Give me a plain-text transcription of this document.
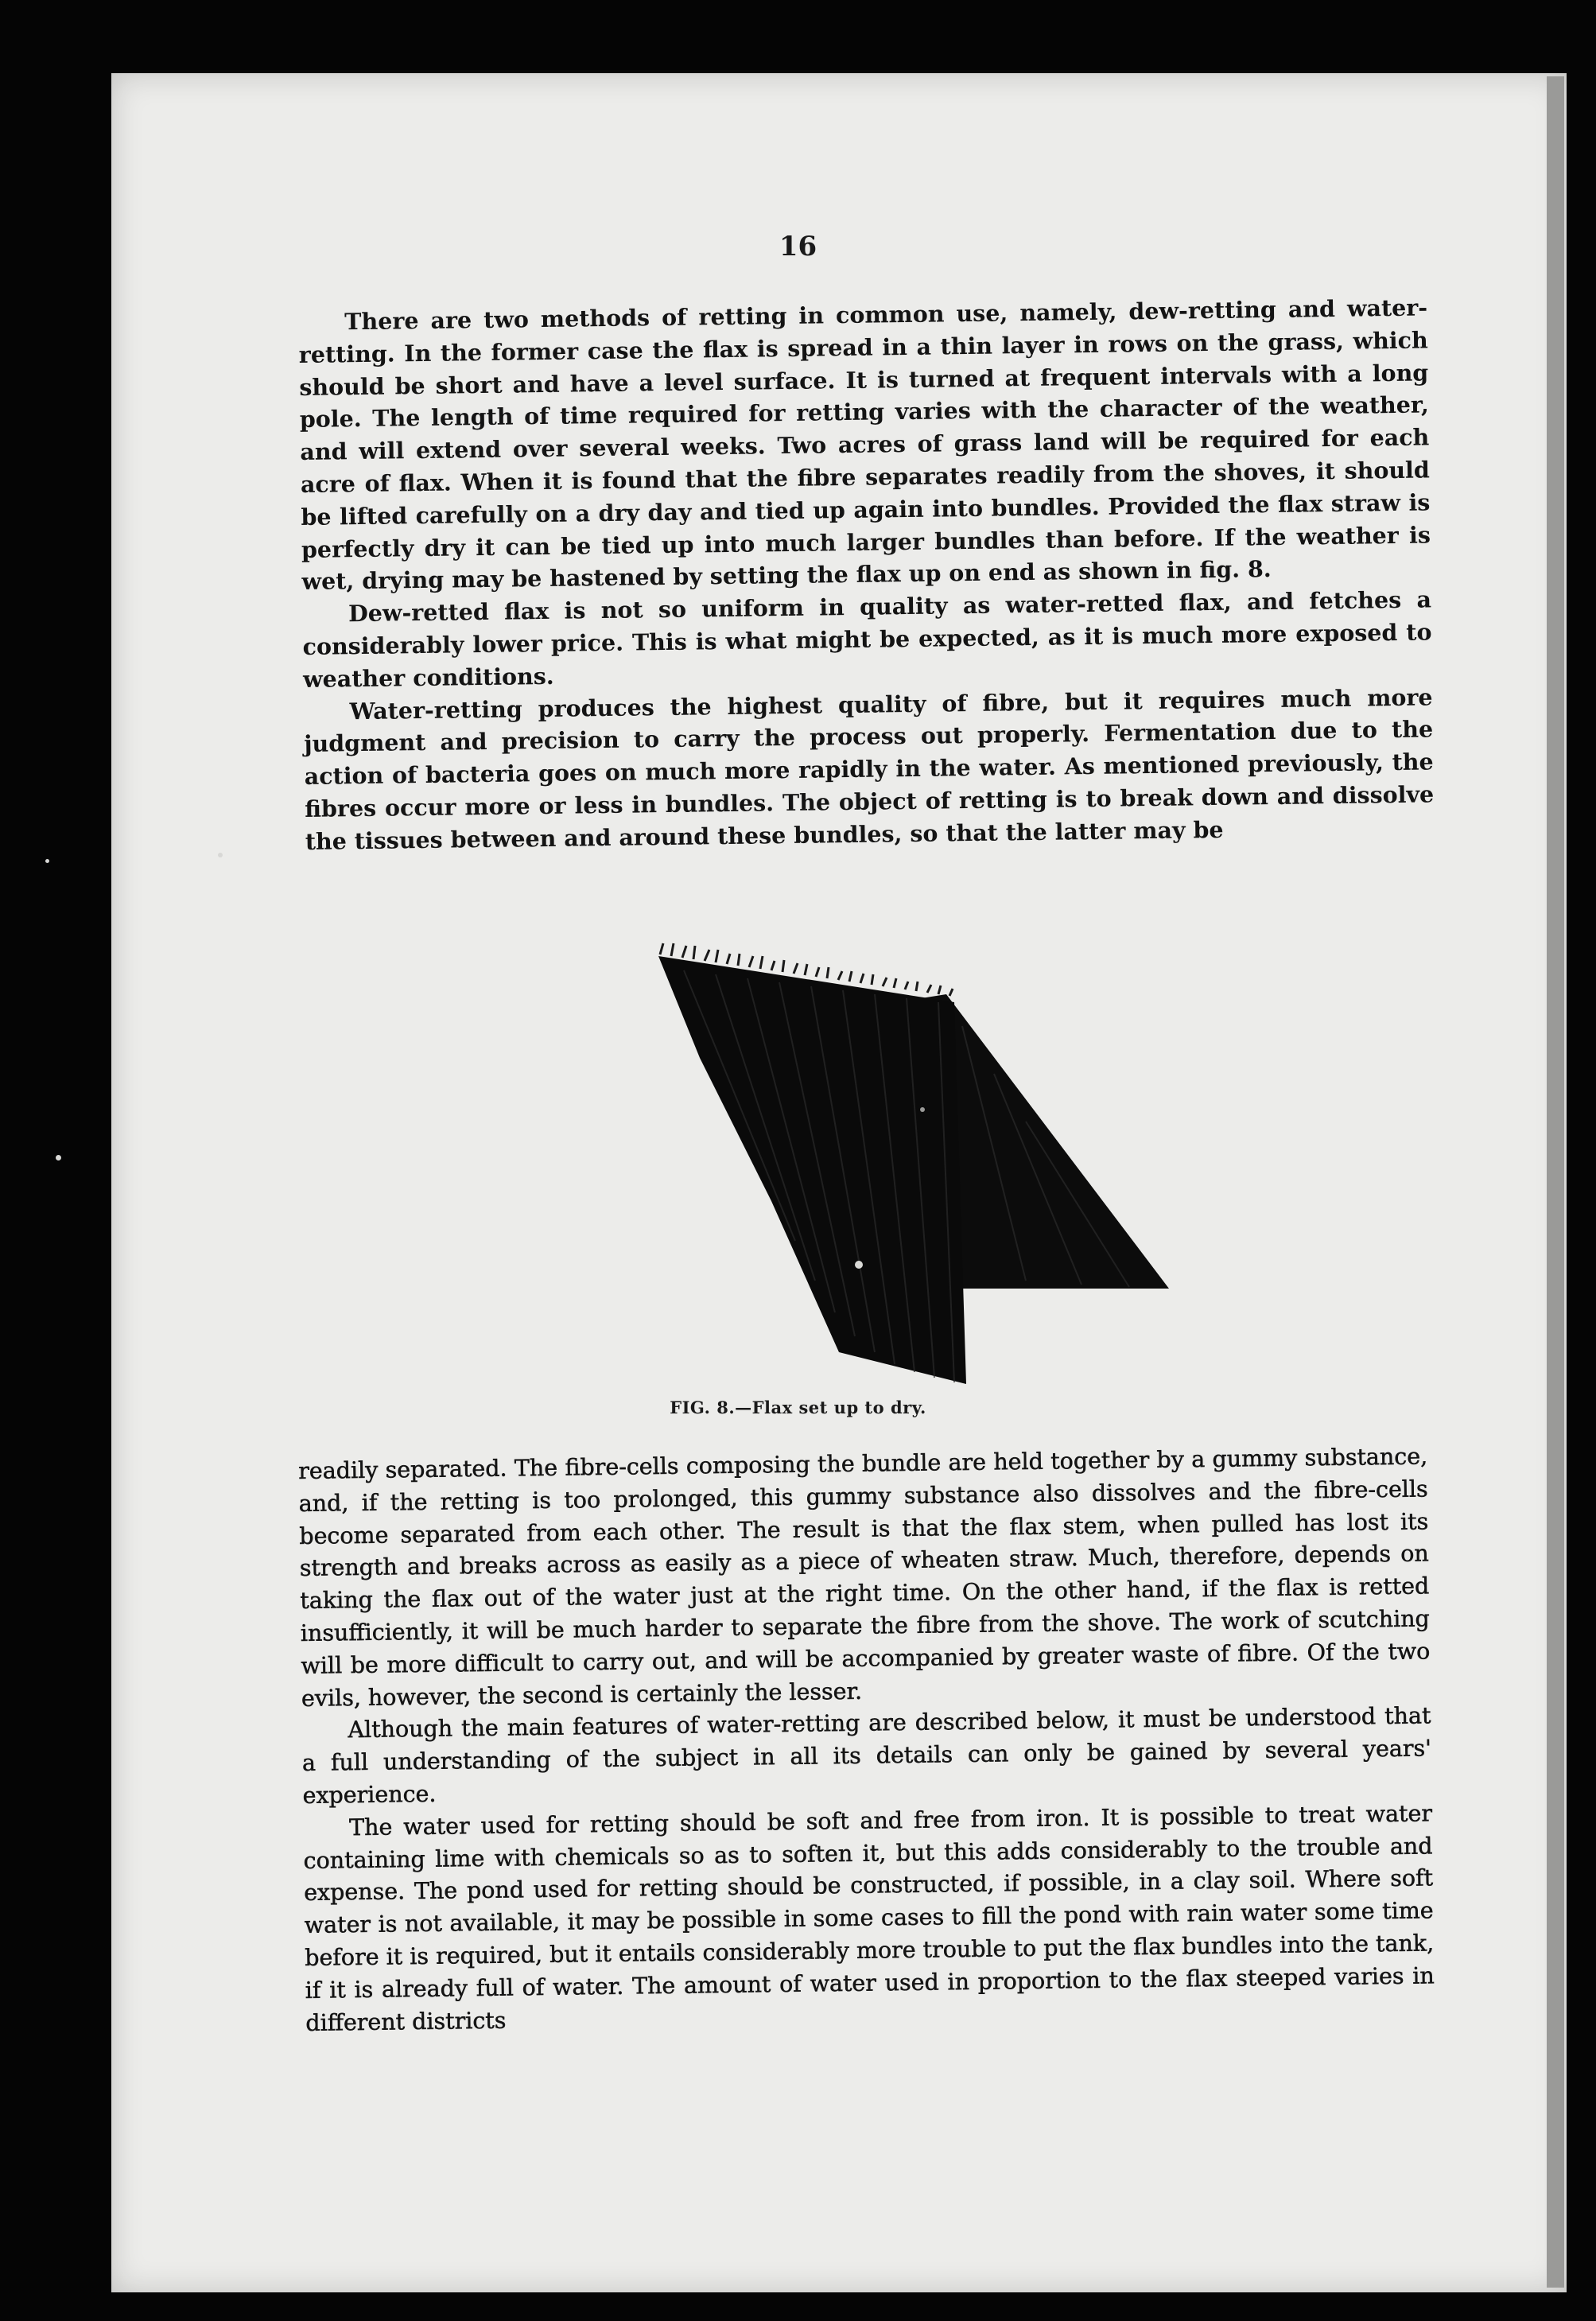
16

There are two methods of retting in common use, namely, dew-retting and water-retting. In the former case the flax is spread in a thin layer in rows on the grass, which should be short and have a level surface. It is turned at frequent intervals with a long pole. The length of time required for retting varies with the character of the weather, and will extend over several weeks. Two acres of grass land will be required for each acre of flax. When it is found that the fibre separates readily from the shoves, it should be lifted carefully on a dry day and tied up again into bundles. Provided the flax straw is perfectly dry it can be tied up into much larger bundles than before. If the weather is wet, drying may be hastened by setting the flax up on end as shown in fig. 8.

Dew-retted flax is not so uniform in quality as water-retted flax, and fetches a considerably lower price. This is what might be expected, as it is much more exposed to weather conditions.

Water-retting produces the highest quality of fibre, but it requires much more judgment and precision to carry the process out properly. Fermentation due to the action of bacteria goes on much more rapidly in the water. As mentioned previously, the fibres occur more or less in bundles. The object of retting is to break down and dissolve the tissues between and around these bundles, so that the latter may be

FIG. 8.—Flax set up to dry.

readily separated. The fibre-cells composing the bundle are held together by a gummy substance, and, if the retting is too prolonged, this gummy substance also dissolves and the fibre-cells become separated from each other. The result is that the flax stem, when pulled has lost its strength and breaks across as easily as a piece of wheaten straw. Much, therefore, depends on taking the flax out of the water just at the right time. On the other hand, if the flax is retted insufficiently, it will be much harder to separate the fibre from the shove. The work of scutching will be more difficult to carry out, and will be accompanied by greater waste of fibre. Of the two evils, however, the second is certainly the lesser.

Although the main features of water-retting are described below, it must be understood that a full understanding of the subject in all its details can only be gained by several years' experience.

The water used for retting should be soft and free from iron. It is possible to treat water containing lime with chemicals so as to soften it, but this adds considerably to the trouble and expense. The pond used for retting should be constructed, if possible, in a clay soil. Where soft water is not available, it may be possible in some cases to fill the pond with rain water some time before it is required, but it entails considerably more trouble to put the flax bundles into the tank, if it is already full of water. The amount of water used in proportion to the flax steeped varies in different districts
